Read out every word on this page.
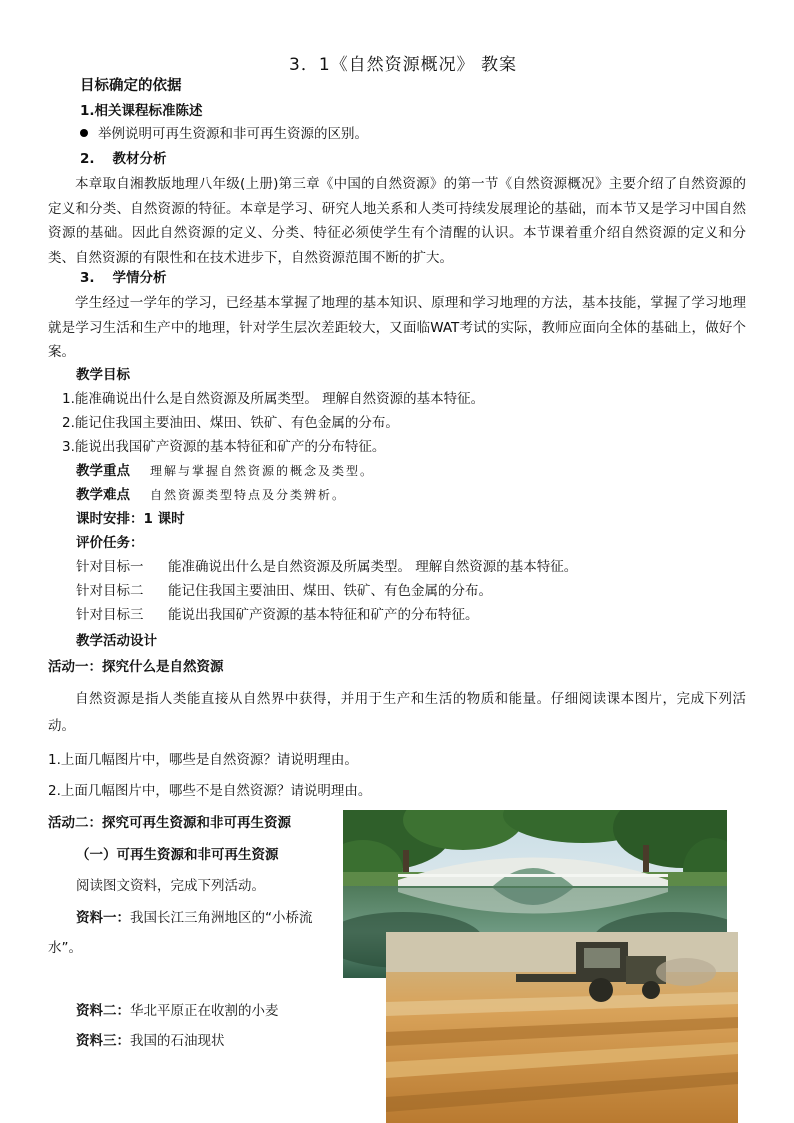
3．1《自然资源概况》 教案
目标确定的依据
1.相关课程标准陈述
举例说明可再生资源和非可再生资源的区别。
2. 教材分析
本章取自湘教版地理八年级(上册)第三章《中国的自然资源》的第一节《自然资源概况》主要介绍了自然资源的定义和分类、自然资源的特征。本章是学习、研究人地关系和人类可持续发展理论的基础，而本节又是学习中国自然资源的基础。因此自然资源的定义、分类、特征必须使学生有个清醒的认识。本节课着重介绍自然资源的定义和分类、自然资源的有限性和在技术进步下，自然资源范围不断的扩大。
3. 学情分析
学生经过一学年的学习，已经基本掌握了地理的基本知识、原理和学习地理的方法，基本技能，掌握了学习地理就是学习生活和生产中的地理，针对学生层次差距较大，又面临WAT考试的实际，教师应面向全体的基础上，做好个案。
教学目标
1.能准确说出什么是自然资源及所属类型。 理解自然资源的基本特征。
2.能记住我国主要油田、煤田、铁矿、有色金属的分布。
3.能说出我国矿产资源的基本特征和矿产的分布特征。
教学重点 理解与掌握自然资源的概念及类型。
教学难点 自然资源类型特点及分类辨析。
课时安排：1 课时
评价任务：
针对目标一 能准确说出什么是自然资源及所属类型。 理解自然资源的基本特征。
针对目标二 能记住我国主要油田、煤田、铁矿、有色金属的分布。
针对目标三 能说出我国矿产资源的基本特征和矿产的分布特征。
教学活动设计
活动一：探究什么是自然资源
自然资源是指人类能直接从自然界中获得，并用于生产和生活的物质和能量。仔细阅读课本图片，完成下列活动。
1.上面几幅图片中，哪些是自然资源？请说明理由。
2.上面几幅图片中，哪些不是自然资源？请说明理由。
活动二：探究可再生资源和非可再生资源
（一）可再生资源和非可再生资源
阅读图文资料，完成下列活动。
资料一：我国长江三角洲地区的“小桥流
水”。
资料二：华北平原正在收割的小麦
资料三：我国的石油现状
